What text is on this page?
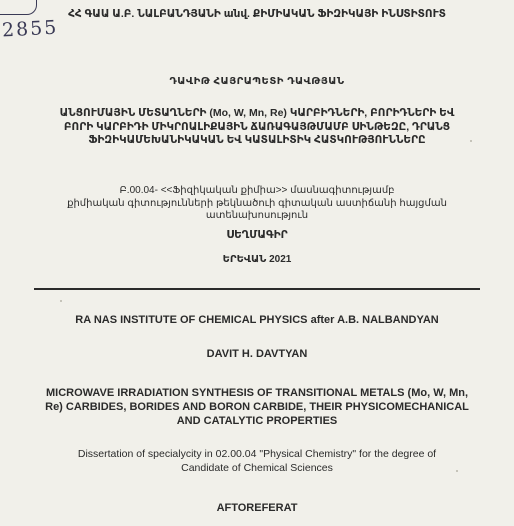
2855
ՀՀ ԳԱԱ Ա.Բ. ՆԱԼԲԱՆԴՅԱՆԻ անվ. ՔԻՄԻԱԿԱՆ ՖԻԶԻԿԱՅԻ ԻՆՍՏԻՏՈՒՏ
ԴԱՎԻԹ ՀԱՅՐԱՊԵՏԻ ԴԱՎԹՅԱՆ
ԱՆՑՈՒՄԱՅԻՆ ՄԵՏԱՂՆԵՐԻ (Mo, W, Mn, Re) ԿԱՐԲԻԴՆԵՐԻ, ԲՈՐԻԴՆԵՐԻ ԵՎ
ԲՈՐԻ ԿԱՐԲԻԴԻ ՄԻԿՐՈԱԼԻՔԱՅԻՆ ՃԱՌԱԳԱՅԹՄԱՄԲ ՍԻՆԹԵԶԸ, ԴՐԱՆՑ
ՖԻԶԻԿԱՄԵԽԱՆԻԿԱԿԱՆ ԵՎ ԿԱՏԱԼԻՏԻԿ ՀԱՏԿՈՒԹՅՈՒՆՆԵՐԸ
Բ.00.04- <<Ֆիզիկական քիմիա>> մասնագիտությամբ
քիմիական գիտությունների թեկնածուի գիտական աստիճանի հայցման
ատենախոսություն
ՍԵՂՄԱԳԻՐ
ԵՐԵՎԱՆ 2021
RA NAS INSTITUTE OF CHEMICAL PHYSICS after A.B. NALBANDYAN
DAVIT H. DAVTYAN
MICROWAVE IRRADIATION SYNTHESIS OF TRANSITIONAL METALS (Mo, W, Mn,
Re) CARBIDES, BORIDES AND BORON CARBIDE, THEIR PHYSICOMECHANICAL
AND CATALYTIC PROPERTIES
Dissertation of specialycity in 02.00.04 "Physical Chemistry" for the degree of
Candidate of Chemical Sciences
AFTOREFERAT
